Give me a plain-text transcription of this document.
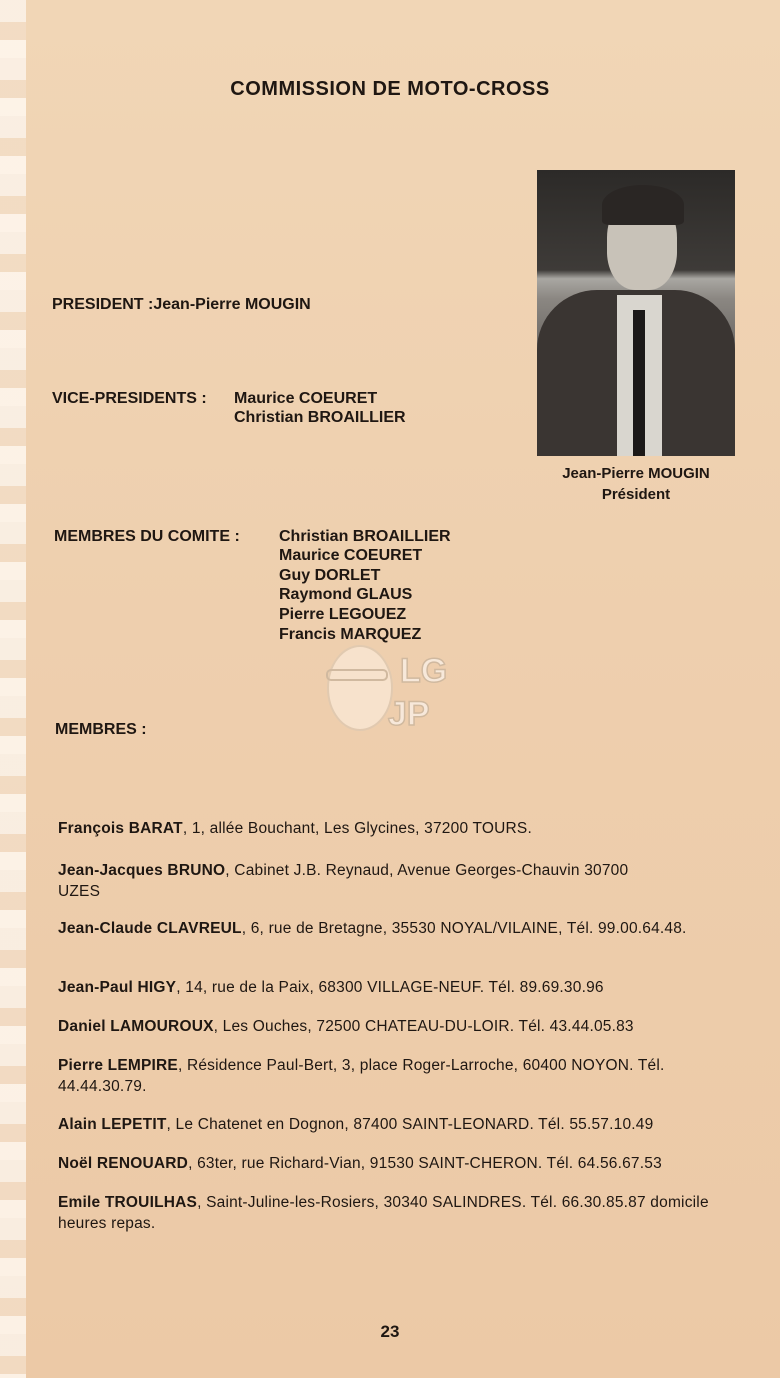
COMMISSION DE MOTO-CROSS
PRESIDENT :Jean-Pierre MOUGIN
VICE-PRESIDENTS : Maurice COEURET
Christian BROAILLIER
Jean-Pierre MOUGIN
Président
MEMBRES DU COMITE : Christian BROAILLIER
Maurice COEURET
Guy DORLET
Raymond GLAUS
Pierre LEGOUEZ
Francis MARQUEZ
LG
JP
MEMBRES :
François BARAT, 1, allée Bouchant, Les Glycines, 37200 TOURS.
Jean-Jacques BRUNO, Cabinet J.B. Reynaud, Avenue Georges-Chauvin 30700 UZES
Jean-Claude CLAVREUL, 6, rue de Bretagne, 35530 NOYAL/VILAINE, Tél. 99.00.64.48.
Jean-Paul HIGY, 14, rue de la Paix, 68300 VILLAGE-NEUF. Tél. 89.69.30.96
Daniel LAMOUROUX, Les Ouches, 72500 CHATEAU-DU-LOIR. Tél. 43.44.05.83
Pierre LEMPIRE, Résidence Paul-Bert, 3, place Roger-Larroche, 60400 NOYON. Tél. 44.44.30.79.
Alain LEPETIT, Le Chatenet en Dognon, 87400 SAINT-LEONARD. Tél. 55.57.10.49
Noël RENOUARD, 63ter, rue Richard-Vian, 91530 SAINT-CHERON. Tél. 64.56.67.53
Emile TROUILHAS, Saint-Juline-les-Rosiers, 30340 SALINDRES. Tél. 66.30.85.87 domicile heures repas.
23
